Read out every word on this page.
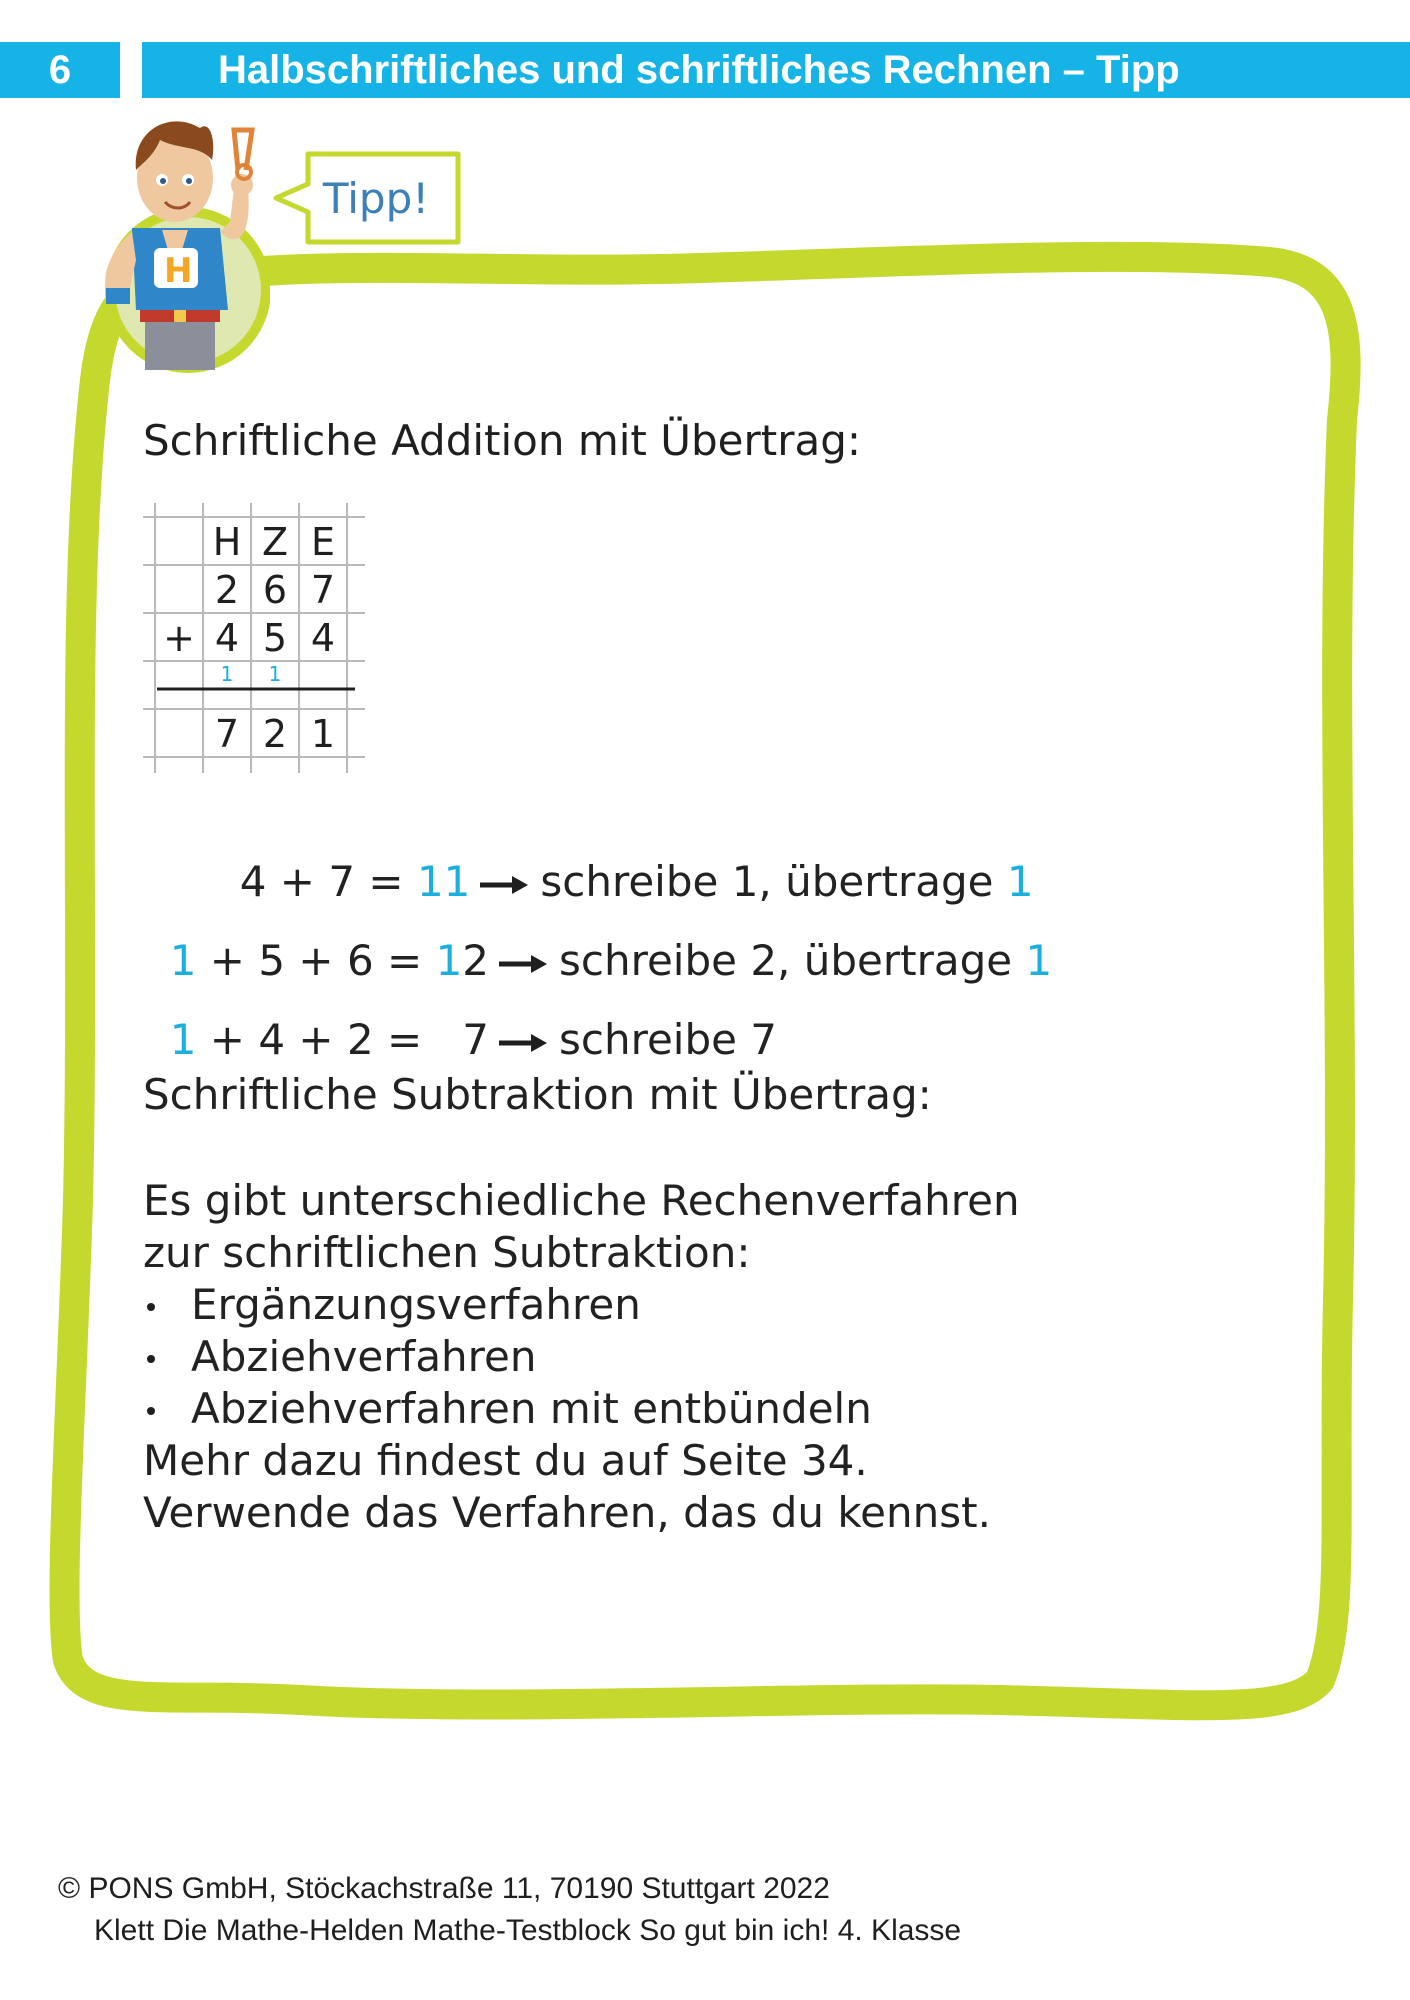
6	Halbschriftliches und schriftliches Rechnen – Tipp
H
Tipp!
Schriftliche Addition mit Übertrag:
H Z E
2 6 7
+ 4 5 4
1 1
7 2 1

4 + 7 = 11 schreibe 1, übertrage 1

1 + 5 + 6 = 12 schreibe 2, übertrage 1

1 + 4 + 2 =   7 schreibe 7

Schriftliche Subtraktion mit Übertrag:
Es gibt unterschiedliche Rechenverfahren
zur schriftlichen Subtraktion:
Ergänzungsverfahren
Abziehverfahren
Abziehverfahren mit entbündeln
Mehr dazu findest du auf Seite 34.
Verwende das Verfahren, das du kennst.
© PONS GmbH, Stöckachstraße 11, 70190 Stuttgart 2022
Klett Die Mathe-Helden Mathe-Testblock So gut bin ich! 4. Klasse
